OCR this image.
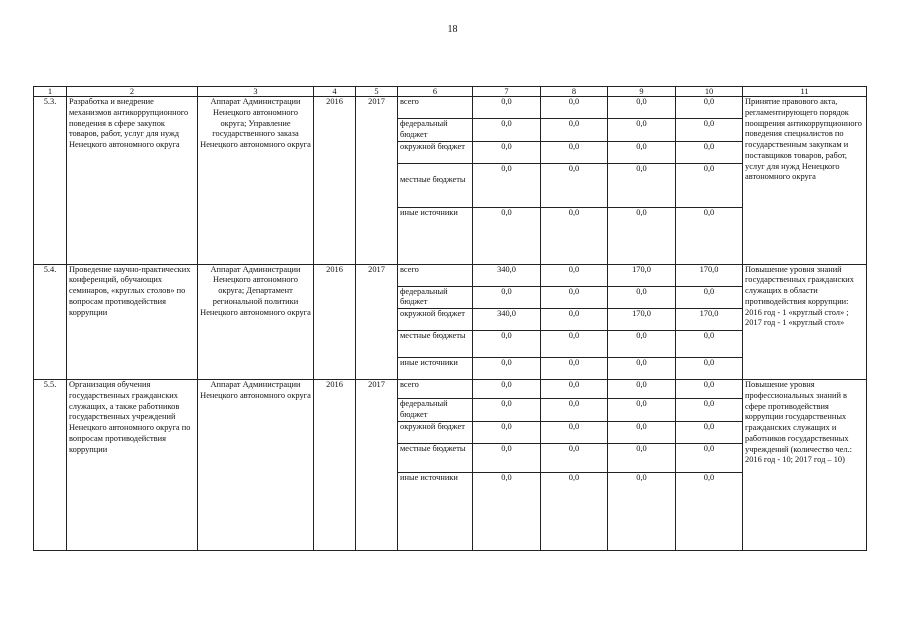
18
1	2	3	4	5	6	7	8	9	10	11
5.3.	Разработка и внедрение механизмов антикоррупционного поведения в сфере закупок товаров, работ, услуг для нужд Ненецкого автономного округа	Аппарат Администрации Ненецкого автономного округа; Управление государственного заказа Ненецкого автономного округа	2016	2017	всего	0,0	0,0	0,0	0,0	Принятие правового акта, регламентирующего порядок поощрения антикоррупционного поведения специалистов по государственным закупкам и поставщиков товаров, работ, услуг для нужд Ненецкого автономного округа
					федеральный бюджет	0,0	0,0	0,0	0,0	
					окружной бюджет	0,0	0,0	0,0	0,0	
					местные бюджеты	0,0	0,0	0,0	0,0	
					иные источники	0,0	0,0	0,0	0,0	
5.4.	Проведение научно-практических конференций, обучающих семинаров, «круглых столов» по вопросам противодействия коррупции	Аппарат Администрации Ненецкого автономного округа; Департамент региональной политики Ненецкого автономного округа	2016	2017	всего	340,0	0,0	170,0	170,0	Повышение уровня знаний государственных гражданских служащих в области противодействия коррупции: 2016 год - 1 «круглый стол» ; 2017 год - 1 «круглый стол»
					федеральный бюджет	0,0	0,0	0,0	0,0	
					окружной бюджет	340,0	0,0	170,0	170,0	
					местные бюджеты	0,0	0,0	0,0	0,0	
					иные источники	0,0	0,0	0,0	0,0	
5.5.	Организация обучения государственных гражданских служащих, а также работников государственных учреждений Ненецкого автономного округа по вопросам противодействия коррупции	Аппарат Администрации Ненецкого автономного округа	2016	2017	всего	0,0	0,0	0,0	0,0	Повышение уровня профессиональных знаний в сфере противодействия коррупции государственных гражданских служащих и работников государственных учреждений (количество чел.: 2016 год - 10; 2017 год – 10)
					федеральный бюджет	0,0	0,0	0,0	0,0	
					окружной бюджет	0,0	0,0	0,0	0,0	
					местные бюджеты	0,0	0,0	0,0	0,0	
					иные источники	0,0	0,0	0,0	0,0	
